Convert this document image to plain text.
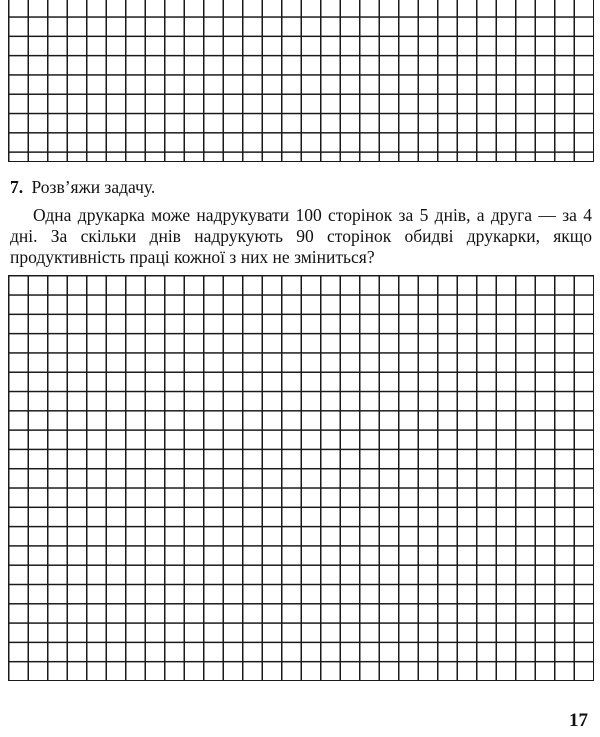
7. Розв’яжи задачу.

Одна друкарка може надрукувати 100 сторінок за 5 днів, а друга — за 4 дні. За скільки днів надрукують 90 сторінок обидві друкарки, якщо продуктивність праці кожної з них не зміниться?

17
